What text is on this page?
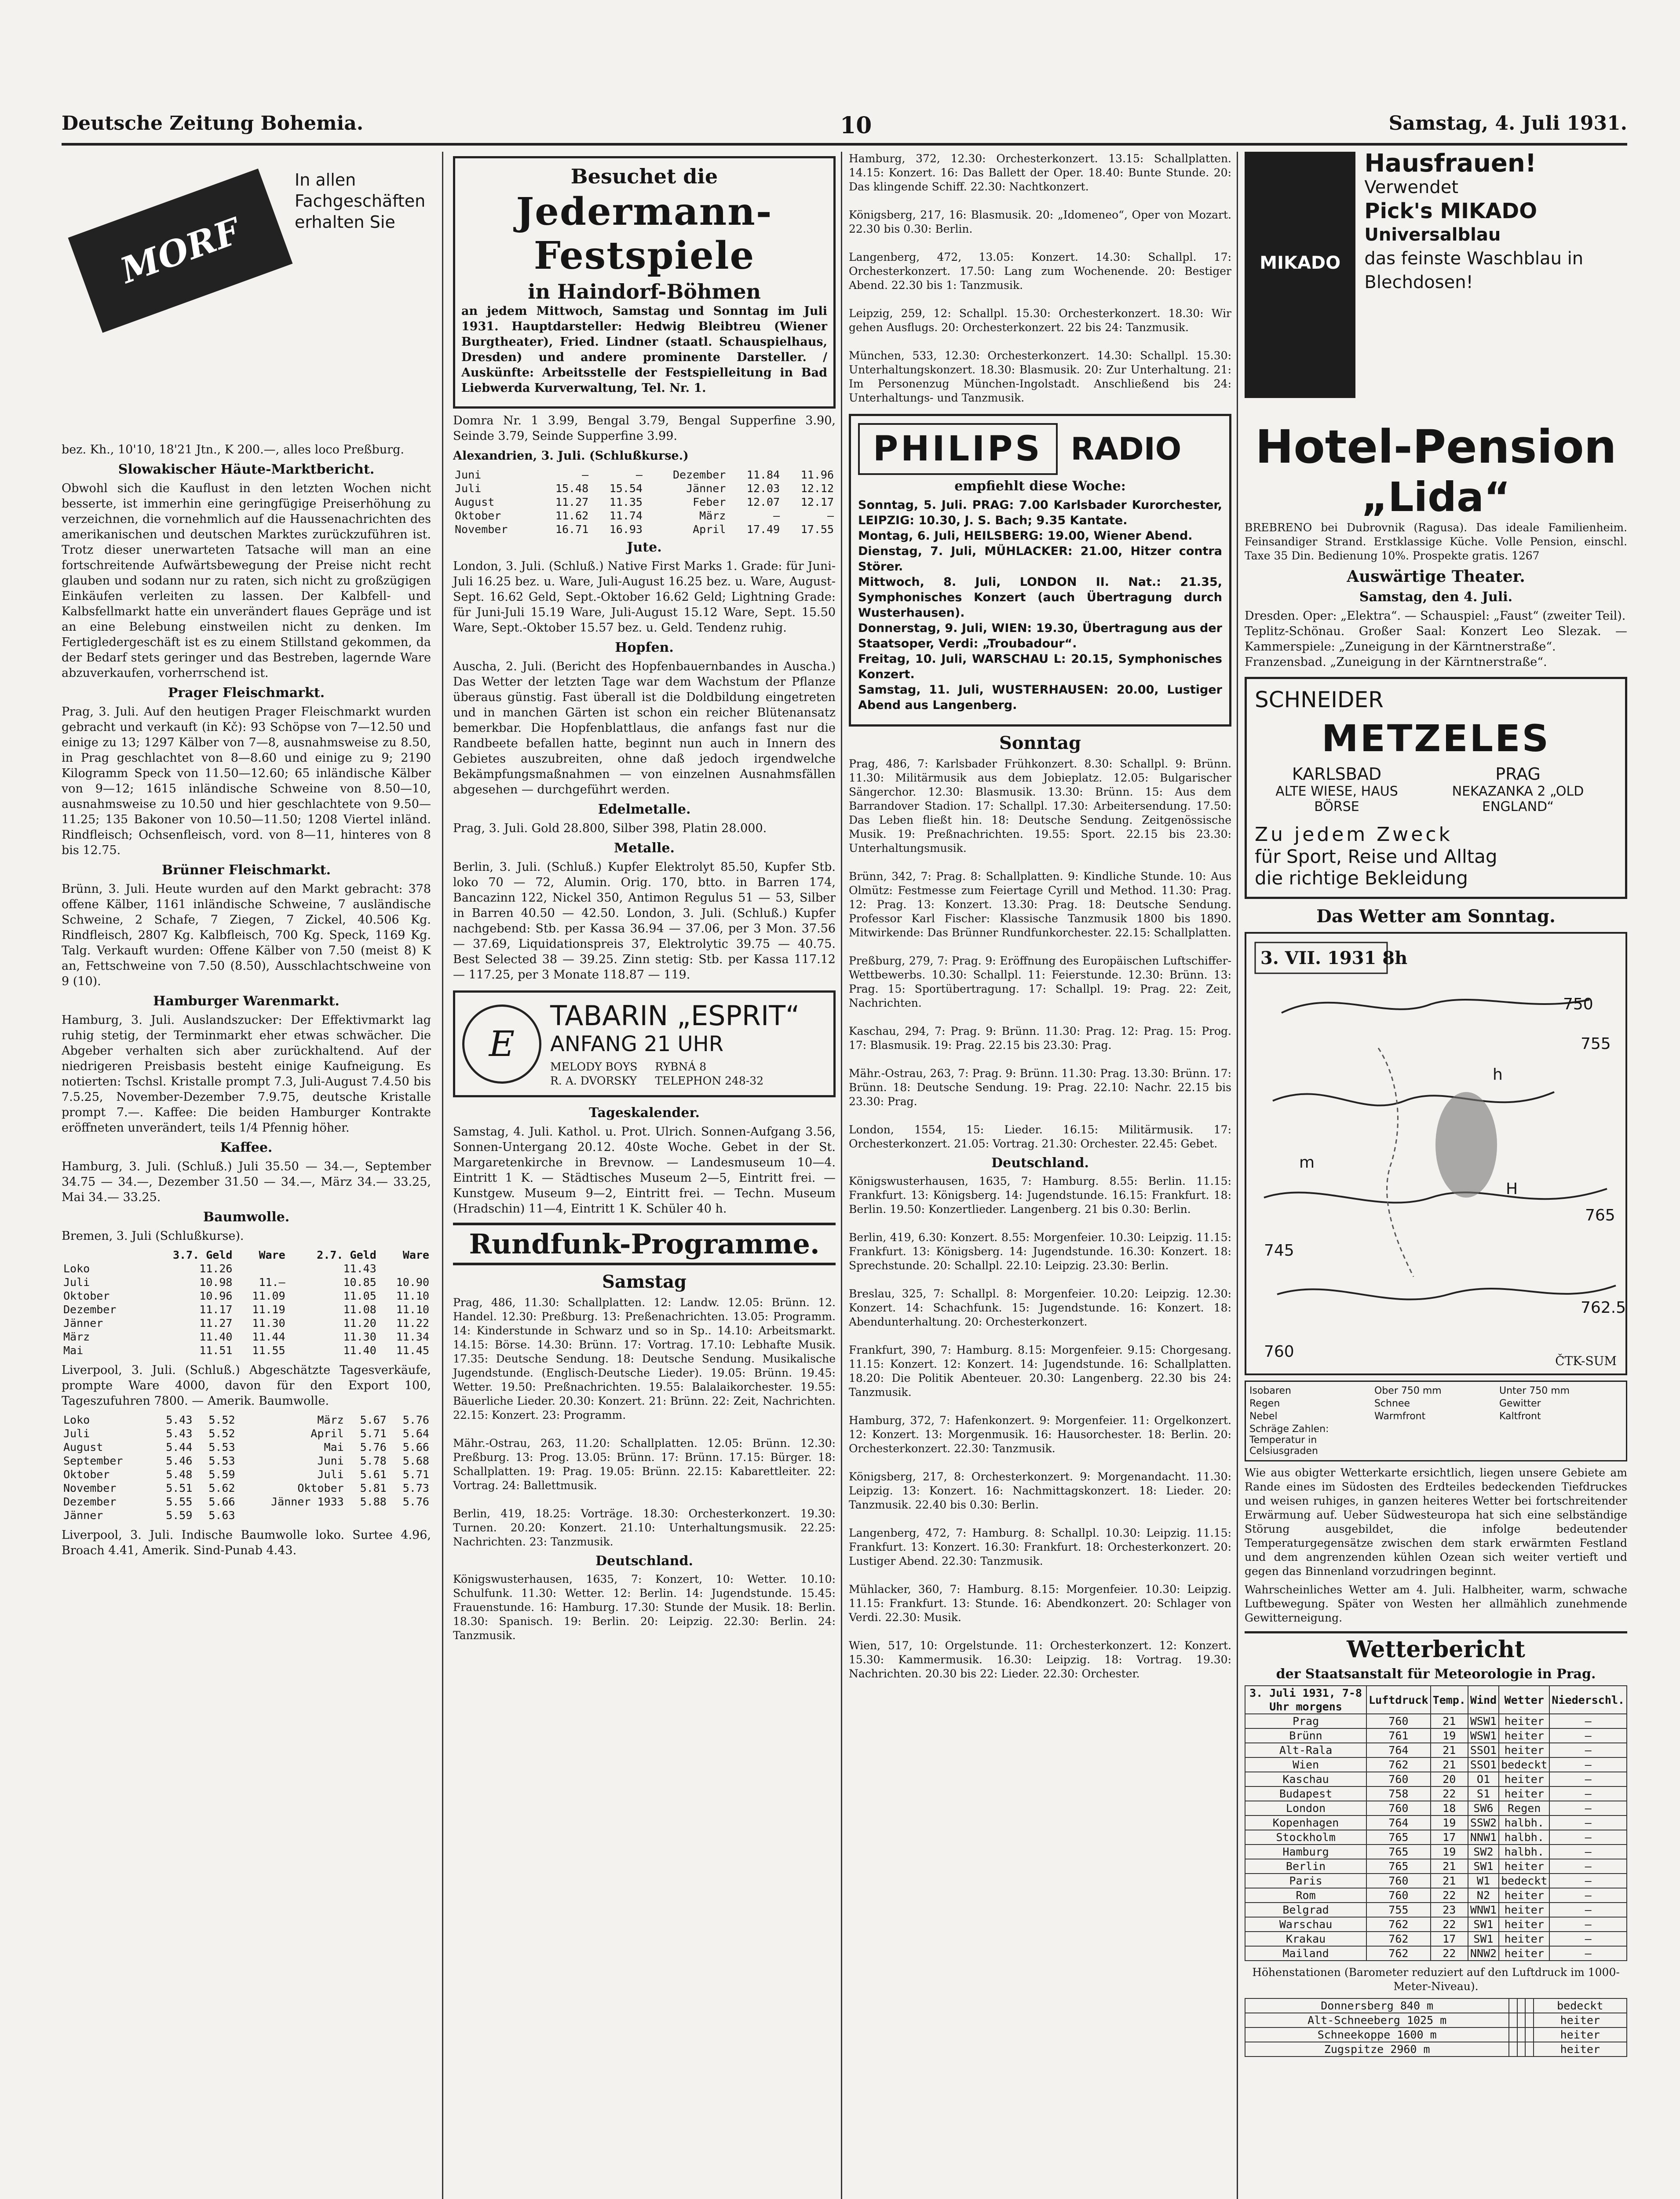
Deutsche Zeitung Bohemia.	10	Samstag, 4. Juli 1931.
MORF
In allen Fachgeschäften erhalten Sie

bez. Kh., 10'10, 18'21 Jtn., K 200.—, alles loco Preßburg.

Slowakischer Häute-Marktbericht.

Obwohl sich die Kauflust in den letzten Wochen nicht besserte, ist immerhin eine geringfügige Preiserhöhung zu verzeichnen, die vornehmlich auf die Haussenachrichten des amerikanischen und deutschen Marktes zurückzuführen ist. Trotz dieser unerwarteten Tatsache will man an eine fortschreitende Aufwärtsbewegung der Preise nicht recht glauben und sodann nur zu raten, sich nicht zu großzügigen Einkäufen verleiten zu lassen. Der Kalbfell- und Kalbsfellmarkt hatte ein unverändert flaues Gepräge und ist an eine Belebung einstweilen nicht zu denken. Im Fertigledergeschäft ist es zu einem Stillstand gekommen, da der Bedarf stets geringer und das Bestreben, lagernde Ware abzuverkaufen, vorherrschend ist.

Prager Fleischmarkt.

Prag, 3. Juli. Auf den heutigen Prager Fleischmarkt wurden gebracht und verkauft (in Kč): 93 Schöpse von 7—12.50 und einige zu 13; 1297 Kälber von 7—8, ausnahmsweise zu 8.50, in Prag geschlachtet von 8—8.60 und einige zu 9; 2190 Kilogramm Speck von 11.50—12.60; 65 inländische Kälber von 9—12; 1615 inländische Schweine von 8.50—10, ausnahmsweise zu 10.50 und hier geschlachtete von 9.50—11.25; 135 Bakoner von 10.50—11.50; 1208 Viertel inländ. Rindfleisch; Ochsenfleisch, vord. von 8—11, hinteres von 8 bis 12.75.

Brünner Fleischmarkt.

Brünn, 3. Juli. Heute wurden auf den Markt gebracht: 378 offene Kälber, 1161 inländische Schweine, 7 ausländische Schweine, 2 Schafe, 7 Ziegen, 7 Zickel, 40.506 Kg. Rindfleisch, 2807 Kg. Kalbfleisch, 700 Kg. Speck, 1169 Kg. Talg. Verkauft wurden: Offene Kälber von 7.50 (meist 8) K an, Fettschweine von 7.50 (8.50), Ausschlachtschweine von 9 (10).

Hamburger Warenmarkt.

Hamburg, 3. Juli. Auslandszucker: Der Effektivmarkt lag ruhig stetig, der Terminmarkt eher etwas schwächer. Die Abgeber verhalten sich aber zurückhaltend. Auf der niedrigeren Preisbasis besteht einige Kaufneigung. Es notierten: Tschsl. Kristalle prompt 7.3, Juli-August 7.4.50 bis 7.5.25, November-Dezember 7.9.75, deutsche Kristalle prompt 7.—. Kaffee: Die beiden Hamburger Kontrakte eröffneten unverändert, teils 1/4 Pfennig höher.

Kaffee.

Hamburg, 3. Juli. (Schluß.) Juli 35.50 — 34.—, September 34.75 — 34.—, Dezember 31.50 — 34.—, März 34.— 33.25, Mai 34.— 33.25.

Baumwolle.
Bremen, 3. Juli (Schlußkurse).
	3.7. Geld	Ware	2.7. Geld	Ware
Loko	11.26		11.43	
Juli	10.98	11.—	10.85	10.90
Oktober	10.96	11.09	11.05	11.10
Dezember	11.17	11.19	11.08	11.10
Jänner	11.27	11.30	11.20	11.22
März	11.40	11.44	11.30	11.34
Mai	11.51	11.55	11.40	11.45

Liverpool, 3. Juli. (Schluß.) Abgeschätzte Tagesverkäufe, prompte Ware 4000, davon für den Export 100, Tageszufuhren 7800. — Amerik. Baumwolle.

Loko	5.43	5.52	März	5.67	5.76
Juli	5.43	5.52	April	5.71	5.64
August	5.44	5.53	Mai	5.76	5.66
September	5.46	5.53	Juni	5.78	5.68
Oktober	5.48	5.59	Juli	5.61	5.71
November	5.51	5.62	Oktober	5.81	5.73
Dezember	5.55	5.66	Jänner 1933	5.88	5.76
Jänner	5.59	5.63			

Liverpool, 3. Juli. Indische Baumwolle loko. Surtee 4.96, Broach 4.41, Amerik. Sind-Punab 4.43.

Besuchet die
Jedermann-Festspiele
in Haindorf-Böhmen

an jedem Mittwoch, Samstag und Sonntag im Juli 1931. Hauptdarsteller: Hedwig Bleibtreu (Wiener Burgtheater), Fried. Lindner (staatl. Schauspielhaus, Dresden) und andere prominente Darsteller. / Auskünfte: Arbeitsstelle der Festspielleitung in Bad Liebwerda Kurverwaltung, Tel. Nr. 1.

Domra Nr. 1 3.99, Bengal 3.79, Bengal Supperfine 3.90, Seinde 3.79, Seinde Supperfine 3.99.

Alexandrien, 3. Juli. (Schlußkurse.)
Juni	—	—	Dezember	11.84	11.96
Juli	15.48	15.54	Jänner	12.03	12.12
August	11.27	11.35	Feber	12.07	12.17
Oktober	11.62	11.74	März	—	—
November	16.71	16.93	April	17.49	17.55
Jute.

London, 3. Juli. (Schluß.) Native First Marks 1. Grade: für Juni-Juli 16.25 bez. u. Ware, Juli-August 16.25 bez. u. Ware, August-Sept. 16.62 Geld, Sept.-Oktober 16.62 Geld; Lightning Grade: für Juni-Juli 15.19 Ware, Juli-August 15.12 Ware, Sept. 15.50 Ware, Sept.-Oktober 15.57 bez. u. Geld. Tendenz ruhig.

Hopfen.

Auscha, 2. Juli. (Bericht des Hopfenbauernbandes in Auscha.) Das Wetter der letzten Tage war dem Wachstum der Pflanze überaus günstig. Fast überall ist die Doldbildung eingetreten und in manchen Gärten ist schon ein reicher Blütenansatz bemerkbar. Die Hopfenblattlaus, die anfangs fast nur die Randbeete befallen hatte, beginnt nun auch in Innern des Gebietes auszubreiten, ohne daß jedoch irgendwelche Bekämpfungsmaßnahmen — von einzelnen Ausnahmsfällen abgesehen — durchgeführt werden.

Edelmetalle.

Prag, 3. Juli. Gold 28.800, Silber 398, Platin 28.000.

Metalle.

Berlin, 3. Juli. (Schluß.) Kupfer Elektrolyt 85.50, Kupfer Stb. loko 70 — 72, Alumin. Orig. 170, btto. in Barren 174, Bancazinn 122, Nickel 350, Antimon Regulus 51 — 53, Silber in Barren 40.50 — 42.50. London, 3. Juli. (Schluß.) Kupfer nachgebend: Stb. per Kassa 36.94 — 37.06, per 3 Mon. 37.56 — 37.69, Liquidationspreis 37, Elektrolytic 39.75 — 40.75. Best Selected 38 — 39.25. Zinn stetig: Stb. per Kassa 117.12 — 117.25, per 3 Monate 118.87 — 119.

E
TABARIN „ESPRIT“
ANFANG 21 UHR
MELODY BOYS
R. A. DVORSKY
RYBNÁ 8
TELEPHON 248-32
Tageskalender.

Samstag, 4. Juli. Kathol. u. Prot. Ulrich. Sonnen-Aufgang 3.56, Sonnen-Untergang 20.12. 40ste Woche. Gebet in der St. Margaretenkirche in Brevnow. — Landesmuseum 10—4. Eintritt 1 K. — Städtisches Museum 2—5, Eintritt frei. — Kunstgew. Museum 9—2, Eintritt frei. — Techn. Museum (Hradschin) 11—4, Eintritt 1 K. Schüler 40 h.

Rundfunk-Programme.
Samstag

Prag, 486, 11.30: Schallplatten. 12: Landw. 12.05: Brünn. 12. Handel. 12.30: Preßburg. 13: Preßenachrichten. 13.05: Programm. 14: Kinderstunde in Schwarz und so in Sp.. 14.10: Arbeitsmarkt. 14.15: Börse. 14.30: Brünn. 17: Vortrag. 17.10: Lebhafte Musik. 17.35: Deutsche Sendung. 18: Deutsche Sendung. Musikalische Jugendstunde. (Englisch-Deutsche Lieder). 19.05: Brünn. 19.45: Wetter. 19.50: Preßnachrichten. 19.55: Balalaikorchester. 19.55: Bäuerliche Lieder. 20.30: Konzert. 21: Brünn. 22: Zeit, Nachrichten. 22.15: Konzert. 23: Programm.

Mähr.-Ostrau, 263, 11.20: Schallplatten. 12.05: Brünn. 12.30: Preßburg. 13: Prog. 13.05: Brünn. 17: Brünn. 17.15: Bürger. 18: Schallplatten. 19: Prag. 19.05: Brünn. 22.15: Kabarettleiter. 22: Vortrag. 24: Ballettmusik.

Berlin, 419, 18.25: Vorträge. 18.30: Orchesterkonzert. 19.30: Turnen. 20.20: Konzert. 21.10: Unterhaltungsmusik. 22.25: Nachrichten. 23: Tanzmusik.

Deutschland.

Königswusterhausen, 1635, 7: Konzert, 10: Wetter. 10.10: Schulfunk. 11.30: Wetter. 12: Berlin. 14: Jugendstunde. 15.45: Frauenstunde. 16: Hamburg. 17.30: Stunde der Musik. 18: Berlin. 18.30: Spanisch. 19: Berlin. 20: Leipzig. 22.30: Berlin. 24: Tanzmusik.

Hamburg, 372, 12.30: Orchesterkonzert. 13.15: Schallplatten. 14.15: Konzert. 16: Das Ballett der Oper. 18.40: Bunte Stunde. 20: Das klingende Schiff. 22.30: Nachtkonzert.

Königsberg, 217, 16: Blasmusik. 20: „Idomeneo“, Oper von Mozart. 22.30 bis 0.30: Berlin.

Langenberg, 472, 13.05: Konzert. 14.30: Schallpl. 17: Orchesterkonzert. 17.50: Lang zum Wochenende. 20: Bestiger Abend. 22.30 bis 1: Tanzmusik.

Leipzig, 259, 12: Schallpl. 15.30: Orchesterkonzert. 18.30: Wir gehen Ausflugs. 20: Orchesterkonzert. 22 bis 24: Tanzmusik.

München, 533, 12.30: Orchesterkonzert. 14.30: Schallpl. 15.30: Unterhaltungskonzert. 18.30: Blasmusik. 20: Zur Unterhaltung. 21: Im Personenzug München-Ingolstadt. Anschließend bis 24: Unterhaltungs- und Tanzmusik.

PHILIPS RADIO
empfiehlt diese Woche:

Sonntag, 5. Juli. PRAG: 7.00 Karlsbader Kurorchester, LEIPZIG: 10.30, J. S. Bach; 9.35 Kantate.
Montag, 6. Juli, HEILSBERG: 19.00, Wiener Abend.
Dienstag, 7. Juli, MÜHLACKER: 21.00, Hitzer contra Störer.
Mittwoch, 8. Juli, LONDON II. Nat.: 21.35, Symphonisches Konzert (auch Übertragung durch Wusterhausen).
Donnerstag, 9. Juli, WIEN: 19.30, Übertragung aus der Staatsoper, Verdi: „Troubadour“.
Freitag, 10. Juli, WARSCHAU L: 20.15, Symphonisches Konzert.
Samstag, 11. Juli, WUSTERHAUSEN: 20.00, Lustiger Abend aus Langenberg.

Sonntag

Prag, 486, 7: Karlsbader Frühkonzert. 8.30: Schallpl. 9: Brünn. 11.30: Militärmusik aus dem Jobieplatz. 12.05: Bulgarischer Sängerchor. 12.30: Blasmusik. 13.30: Brünn. 15: Aus dem Barrandover Stadion. 17: Schallpl. 17.30: Arbeitersendung. 17.50: Das Leben fließt hin. 18: Deutsche Sendung. Zeitgenössische Musik. 19: Preßnachrichten. 19.55: Sport. 22.15 bis 23.30: Unterhaltungsmusik.

Brünn, 342, 7: Prag. 8: Schallplatten. 9: Kindliche Stunde. 10: Aus Olmütz: Festmesse zum Feiertage Cyrill und Method. 11.30: Prag. 12: Prag. 13: Konzert. 13.30: Prag. 18: Deutsche Sendung. Professor Karl Fischer: Klassische Tanzmusik 1800 bis 1890. Mitwirkende: Das Brünner Rundfunkorchester. 22.15: Schallplatten.

Preßburg, 279, 7: Prag. 9: Eröffnung des Europäischen Luftschiffer-Wettbewerbs. 10.30: Schallpl. 11: Feierstunde. 12.30: Brünn. 13: Prag. 15: Sportübertragung. 17: Schallpl. 19: Prag. 22: Zeit, Nachrichten.

Kaschau, 294, 7: Prag. 9: Brünn. 11.30: Prag. 12: Prag. 15: Prog. 17: Blasmusik. 19: Prag. 22.15 bis 23.30: Prag.

Mähr.-Ostrau, 263, 7: Prag. 9: Brünn. 11.30: Prag. 13.30: Brünn. 17: Brünn. 18: Deutsche Sendung. 19: Prag. 22.10: Nachr. 22.15 bis 23.30: Prag.

London, 1554, 15: Lieder. 16.15: Militärmusik. 17: Orchesterkonzert. 21.05: Vortrag. 21.30: Orchester. 22.45: Gebet.

Deutschland.

Königswusterhausen, 1635, 7: Hamburg. 8.55: Berlin. 11.15: Frankfurt. 13: Königsberg. 14: Jugendstunde. 16.15: Frankfurt. 18: Berlin. 19.50: Konzertlieder. Langenberg. 21 bis 0.30: Berlin.

Berlin, 419, 6.30: Konzert. 8.55: Morgenfeier. 10.30: Leipzig. 11.15: Frankfurt. 13: Königsberg. 14: Jugendstunde. 16.30: Konzert. 18: Sprechstunde. 20: Schallpl. 22.10: Leipzig. 23.30: Berlin.

Breslau, 325, 7: Schallpl. 8: Morgenfeier. 10.20: Leipzig. 12.30: Konzert. 14: Schachfunk. 15: Jugendstunde. 16: Konzert. 18: Abendunterhaltung. 20: Orchesterkonzert.

Frankfurt, 390, 7: Hamburg. 8.15: Morgenfeier. 9.15: Chorgesang. 11.15: Konzert. 12: Konzert. 14: Jugendstunde. 16: Schallplatten. 18.20: Die Politik Abenteuer. 20.30: Langenberg. 22.30 bis 24: Tanzmusik.

Hamburg, 372, 7: Hafenkonzert. 9: Morgenfeier. 11: Orgelkonzert. 12: Konzert. 13: Morgenmusik. 16: Hausorchester. 18: Berlin. 20: Orchesterkonzert. 22.30: Tanzmusik.

Königsberg, 217, 8: Orchesterkonzert. 9: Morgenandacht. 11.30: Leipzig. 13: Konzert. 16: Nachmittagskonzert. 18: Lieder. 20: Tanzmusik. 22.40 bis 0.30: Berlin.

Langenberg, 472, 7: Hamburg. 8: Schallpl. 10.30: Leipzig. 11.15: Frankfurt. 13: Konzert. 16.30: Frankfurt. 18: Orchesterkonzert. 20: Lustiger Abend. 22.30: Tanzmusik.

Mühlacker, 360, 7: Hamburg. 8.15: Morgenfeier. 10.30: Leipzig. 11.15: Frankfurt. 13: Stunde. 16: Abendkonzert. 20: Schlager von Verdi. 22.30: Musik.

Wien, 517, 10: Orgelstunde. 11: Orchesterkonzert. 12: Konzert. 15.30: Kammermusik. 16.30: Leipzig. 18: Vortrag. 19.30: Nachrichten. 20.30 bis 22: Lieder. 22.30: Orchester.

MIKADO
Hausfrauen!
Verwendet
Pick's MIKADO
Universalblau
das feinste Waschblau in Blechdosen!
Hotel-Pension
„Lida“

BREBRENO bei Dubrovnik (Ragusa). Das ideale Familienheim. Feinsandiger Strand. Erstklassige Küche. Volle Pension, einschl. Taxe 35 Din. Bedienung 10%. Prospekte gratis. 1267

Auswärtige Theater.
Samstag, den 4. Juli.

Dresden. Oper: „Elektra“. — Schauspiel: „Faust“ (zweiter Teil).
Teplitz-Schönau. Großer Saal: Konzert Leo Slezak. — Kammerspiele: „Zuneigung in der Kärntnerstraße“.
Franzensbad. „Zuneigung in der Kärntnerstraße“.

SCHNEIDER
METZELES
KARLSBAD
ALTE WIESE, HAUS BÖRSE
PRAG
NEKAZANKA 2 „OLD ENGLAND“
Zu jedem Zweck
für Sport, Reise und Alltag
die richtige Bekleidung
Das Wetter am Sonntag.
3. VII. 1931 8h
ČTK-SUM
750
755
760
745
762.5
765
h
m
H
Isobaren	Ober 750 mm	Unter 750 mm
Regen	Schnee	Gewitter
Nebel	Warmfront	Kaltfront
Schräge Zahlen: Temperatur in Celsiusgraden

Wie aus obigter Wetterkarte ersichtlich, liegen unsere Gebiete am Rande eines im Südosten des Erdteiles bedeckenden Tiefdruckes und weisen ruhiges, in ganzen heiteres Wetter bei fortschreitender Erwärmung auf. Ueber Südwesteuropa hat sich eine selbständige Störung ausgebildet, die infolge bedeutender Temperaturgegensätze zwischen dem stark erwärmten Festland und dem angrenzenden kühlen Ozean sich weiter vertieft und gegen das Binnenland vorzudringen beginnt.

Wahrscheinliches Wetter am 4. Juli. Halbheiter, warm, schwache Luftbewegung. Später von Westen her allmählich zunehmende Gewitterneigung.

Wetterbericht
der Staatsanstalt für Meteorologie in Prag.
3. Juli 1931, 7-8 Uhr morgens	Luftdruck	Temp.	Wind	Wetter	Niederschl.
Prag	760	21	WSW1	heiter	—
Brünn	761	19	WSW1	heiter	—
Alt-Rala	764	21	SSO1	heiter	—
Wien	762	21	SSO1	bedeckt	—
Kaschau	760	20	O1	heiter	—
Budapest	758	22	S1	heiter	—
London	760	18	SW6	Regen	—
Kopenhagen	764	19	SSW2	halbh.	—
Stockholm	765	17	NNW1	halbh.	—
Hamburg	765	19	SW2	halbh.	—
Berlin	765	21	SW1	heiter	—
Paris	760	21	W1	bedeckt	—
Rom	760	22	N2	heiter	—
Belgrad	755	23	WNW1	heiter	—
Warschau	762	22	SW1	heiter	—
Krakau	762	17	SW1	heiter	—
Mailand	762	22	NNW2	heiter	—
Höhenstationen (Barometer reduziert auf den Luftdruck im 1000-Meter-Niveau).
Donnersberg 840 m				bedeckt
Alt-Schneeberg 1025 m				heiter
Schneekoppe 1600 m				heiter
Zugspitze 2960 m				heiter
